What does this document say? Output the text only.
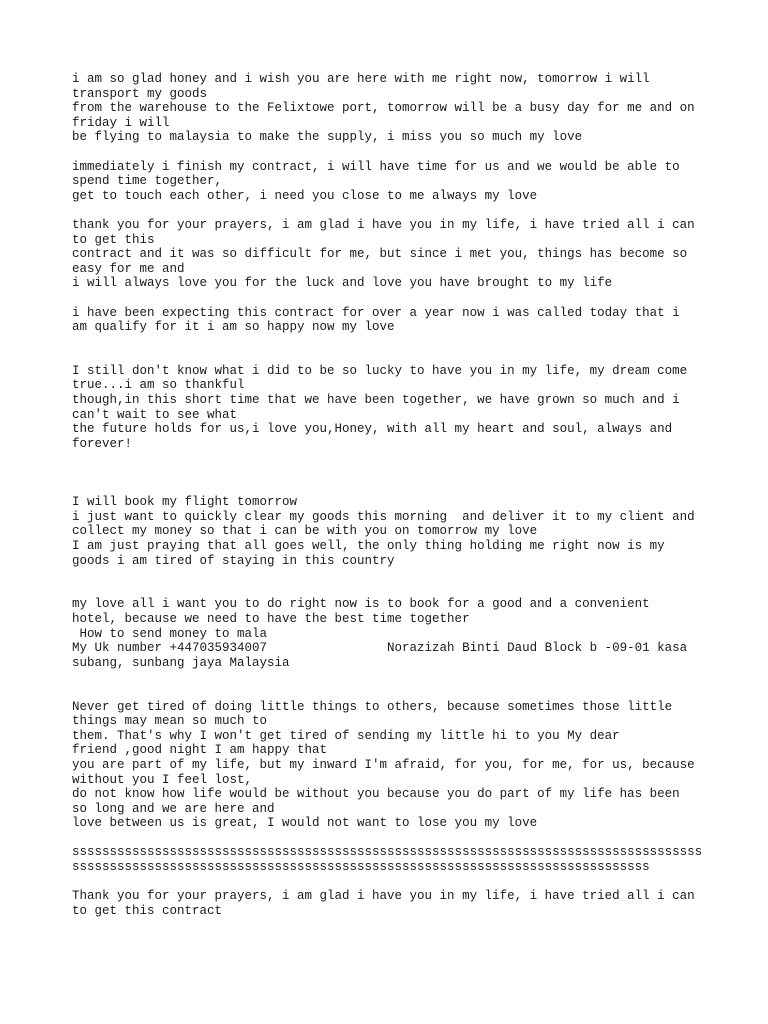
i am so glad honey and i wish you are here with me right now, tomorrow i will
transport my goods
from the warehouse to the Felixtowe port, tomorrow will be a busy day for me and on
friday i will
be flying to malaysia to make the supply, i miss you so much my love
immediately i finish my contract, i will have time for us and we would be able to
spend time together,
get to touch each other, i need you close to me always my love
thank you for your prayers, i am glad i have you in my life, i have tried all i can
to get this
contract and it was so difficult for me, but since i met you, things has become so
easy for me and
i will always love you for the luck and love you have brought to my life
i have been expecting this contract for over a year now i was called today that i
am qualify for it i am so happy now my love
I still don't know what i did to be so lucky to have you in my life, my dream come
true...i am so thankful
though,in this short time that we have been together, we have grown so much and i
can't wait to see what
the future holds for us,i love you,Honey, with all my heart and soul, always and
forever!
I will book my flight tomorrow
i just want to quickly clear my goods this morning  and deliver it to my client and
collect my money so that i can be with you on tomorrow my love
I am just praying that all goes well, the only thing holding me right now is my
goods i am tired of staying in this country
my love all i want you to do right now is to book for a good and a convenient
hotel, because we need to have the best time together
How to send money to mala
My Uk number +447035934007                Norazizah Binti Daud Block b -09-01 kasa
subang, sunbang jaya Malaysia
Never get tired of doing little things to others, because sometimes those little
things may mean so much to
them. That's why I won't get tired of sending my little hi to you My dear
friend ,good night I am happy that
you are part of my life, but my inward I'm afraid, for you, for me, for us, because
without you I feel lost,
do not know how life would be without you because you do part of my life has been
so long and we are here and
love between us is great, I would not want to lose you my love
ssssssssssssssssssssssssssssssssssssssssssssssssssssssssssssssssssssssssssssssssssss
sssssssssssssssssssssssssssssssssssssssssssssssssssssssssssssssssssssssssssss
Thank you for your prayers, i am glad i have you in my life, i have tried all i can
to get this contract
